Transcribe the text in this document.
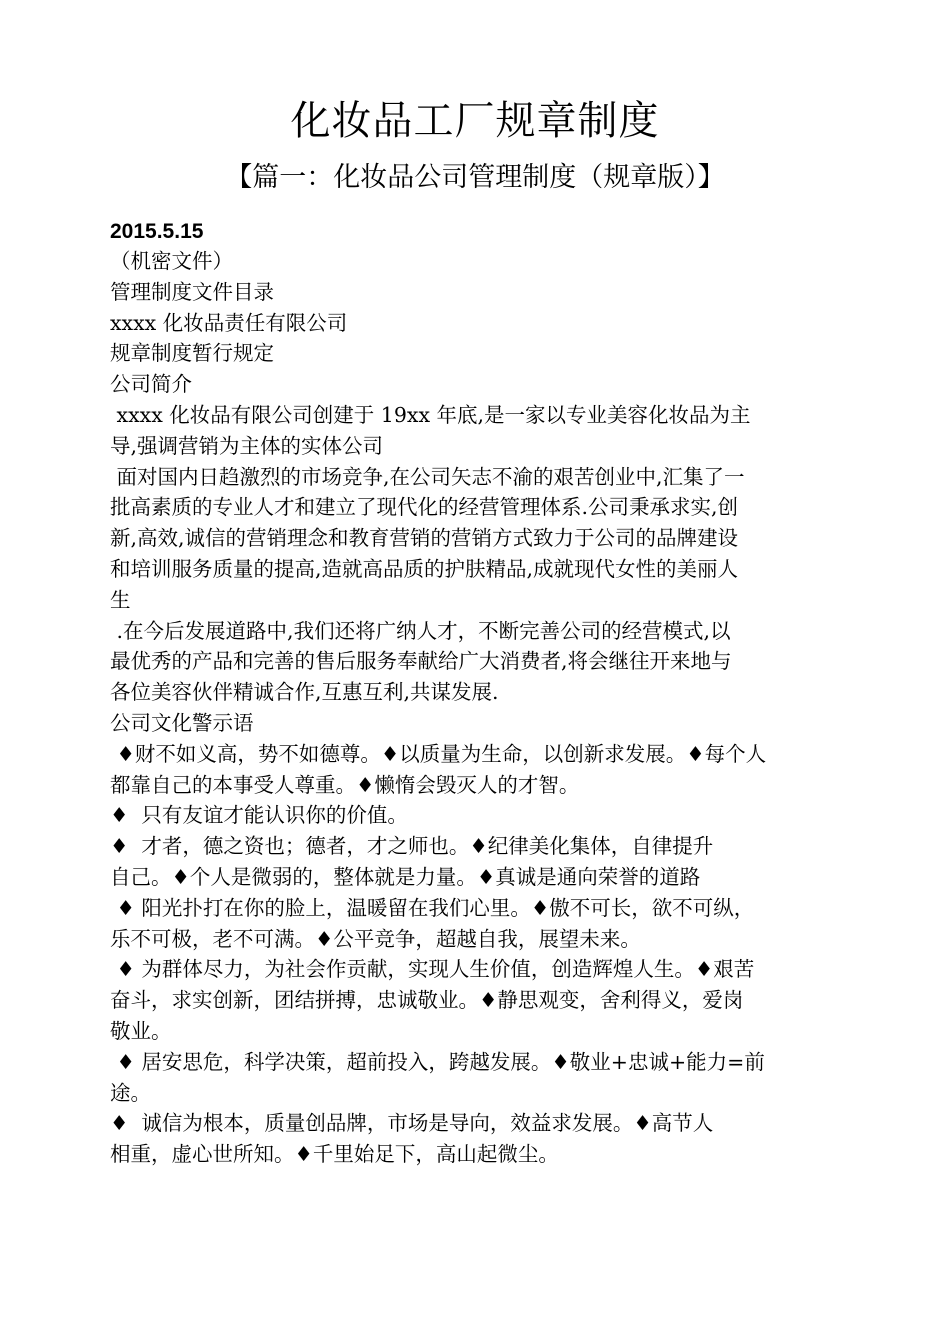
化妆品工厂规章制度
【篇一：化妆品公司管理制度（规章版）】

2015.5.15

（机密文件）

管理制度文件目录

xxxx 化妆品责任有限公司

规章制度暂行规定

公司简介

xxxx 化妆品有限公司创建于 19xx 年底,是一家以专业美容化妆品为主

导,强调营销为主体的实体公司

面对国内日趋激烈的市场竞争,在公司矢志不渝的艰苦创业中,汇集了一

批高素质的专业人才和建立了现代化的经营管理体系.公司秉承求实,创

新,高效,诚信的营销理念和教育营销的营销方式致力于公司的品牌建设

和培训服务质量的提高,造就高品质的护肤精品,成就现代女性的美丽人

生

.在今后发展道路中,我们还将广纳人才，不断完善公司的经营模式,以

最优秀的产品和完善的售后服务奉献给广大消费者,将会继往开来地与

各位美容伙伴精诚合作,互惠互利,共谋发展.

公司文化警示语

♦财不如义高，势不如德尊。♦以质量为生命，以创新求发展。♦每个人

都靠自己的本事受人尊重。♦懒惰会毁灭人的才智。

♦  只有友谊才能认识你的价值。

♦  才者，德之资也；德者，才之师也。♦纪律美化集体，自律提升

自己。♦个人是微弱的，整体就是力量。♦真诚是通向荣誉的道路

♦ 阳光扑打在你的脸上，温暖留在我们心里。♦傲不可长，欲不可纵，

乐不可极，老不可满。♦公平竞争，超越自我，展望未来。

♦ 为群体尽力，为社会作贡献，实现人生价值，创造辉煌人生。♦艰苦

奋斗，求实创新，团结拼搏，忠诚敬业。♦静思观变，舍利得义，爱岗

敬业。

♦ 居安思危，科学决策，超前投入，跨越发展。♦敬业+忠诚+能力=前

途。

♦  诚信为根本，质量创品牌，市场是导向，效益求发展。♦高节人

相重，虚心世所知。♦千里始足下，高山起微尘。
